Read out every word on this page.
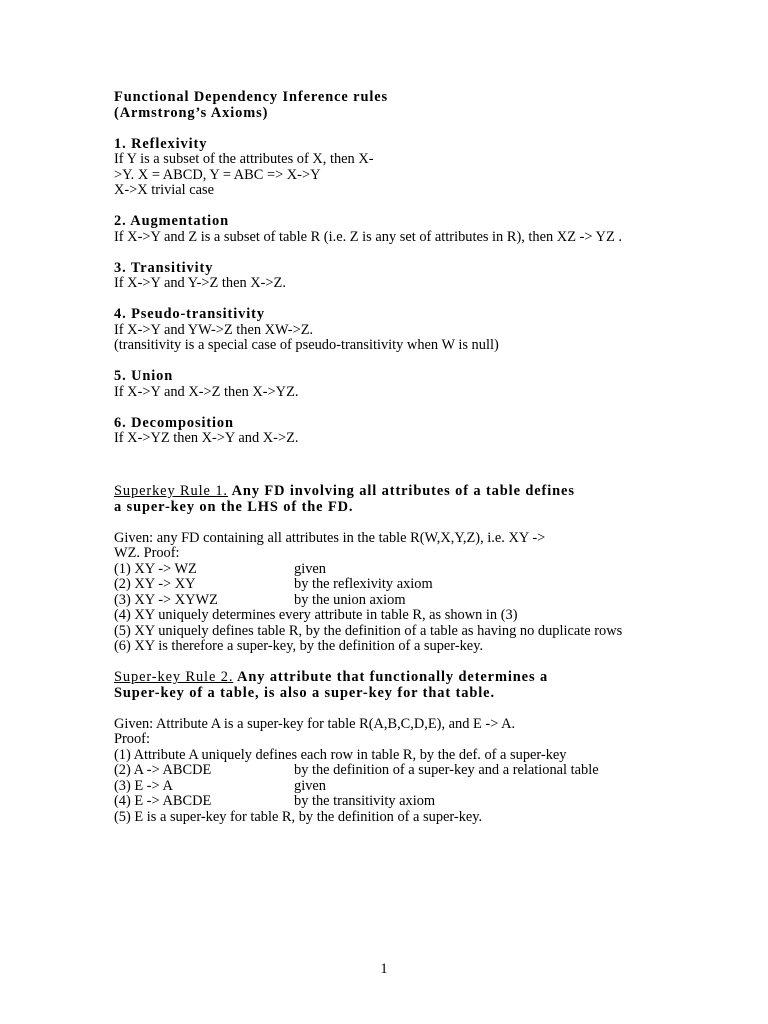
Functional Dependency Inference rules
(Armstrong’s Axioms)
1. Reflexivity
If Y is a subset of the attributes of X, then X-
>Y. X = ABCD, Y = ABC => X->Y
X->X trivial case
2. Augmentation
If X->Y and Z is a subset of table R (i.e. Z is any set of attributes in R), then XZ -> YZ .
3. Transitivity
If X->Y and Y->Z then X->Z.
4. Pseudo-transitivity
If X->Y and YW->Z then XW->Z.
(transitivity is a special case of pseudo-transitivity when W is null)
5. Union
If X->Y and X->Z then X->YZ.
6. Decomposition
If X->YZ then X->Y and X->Z.
Superkey Rule 1. Any FD involving all attributes of a table defines
a super-key on the LHS of the FD.
Given: any FD containing all attributes in the table R(W,X,Y,Z), i.e. XY ->
WZ. Proof:
(1) XY -> WZ	given
(2) XY -> XY	by the reflexivity axiom
(3) XY -> XYWZ	by the union axiom
(4) XY uniquely determines every attribute in table R, as shown in (3)
(5) XY uniquely defines table R, by the definition of a table as having no duplicate rows
(6) XY is therefore a super-key, by the definition of a super-key.
Super-key Rule 2. Any attribute that functionally determines a
Super-key of a table, is also a super-key for that table.
Given: Attribute A is a super-key for table R(A,B,C,D,E), and E -> A.
Proof:
(1) Attribute A uniquely defines each row in table R, by the def. of a super-key
(2) A -> ABCDE	by the definition of a super-key and a relational table
(3) E -> A	given
(4) E -> ABCDE	by the transitivity axiom
(5) E is a super-key for table R, by the definition of a super-key.
1
